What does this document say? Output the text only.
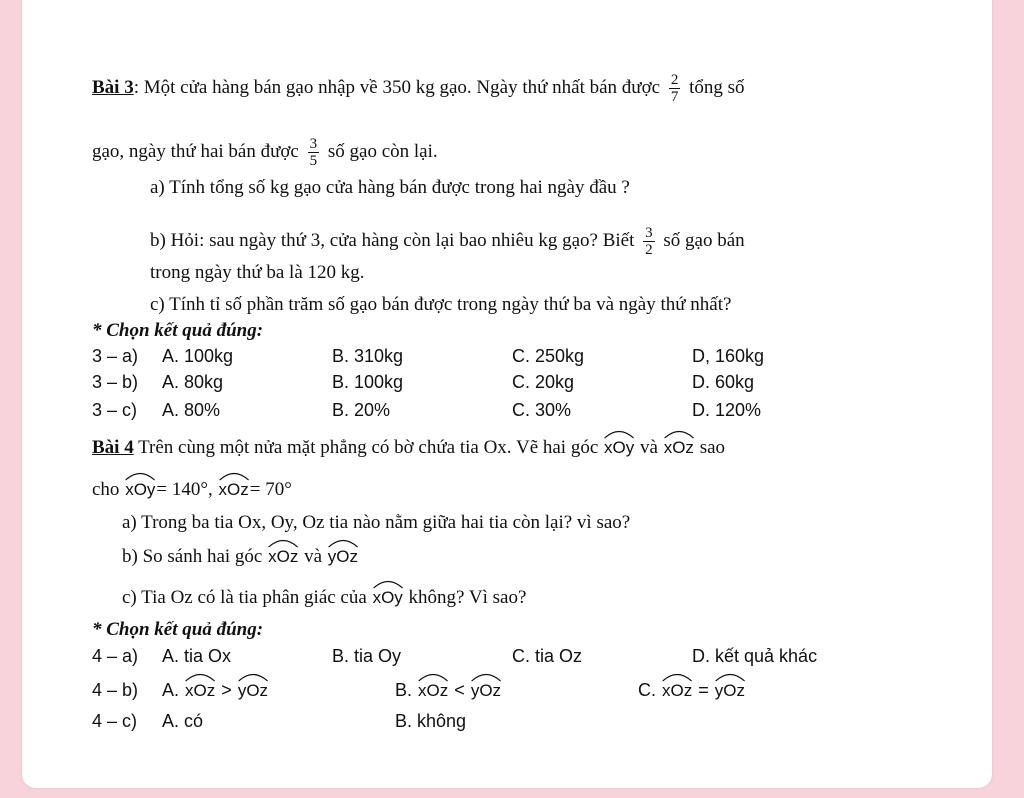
Bài 3: Một cửa hàng bán gạo nhập về 350 kg gạo. Ngày thứ nhất bán được $\frac{2}{7}$ tổng số
gạo, ngày thứ hai bán được $\frac{3}{5}$ số gạo còn lại.
a) Tính tổng số kg gạo cửa hàng bán được trong hai ngày đầu ?
b) Hỏi: sau ngày thứ 3, cửa hàng còn lại bao nhiêu kg gạo? Biết $\frac{3}{2}$ số gạo bán
trong ngày thứ ba là 120 kg.
c) Tính tỉ số phần trăm số gạo bán được trong ngày thứ ba và ngày thứ nhất?
* Chọn kết quả đúng:
3 – a) A. 100kg	B. 310kg	C. 250kg	D, 160kg
3 – b) A. 80kg	B. 100kg	C. 20kg	D. 60kg
3 – c) A. 80%	B. 20%	C. 30%	D. 120%
Bài 4 Trên cùng một nửa mặt phẳng có bờ chứa tia Ox. Vẽ hai góc xOy và xOz sao
cho xOy= 140°, xOz= 70°
a) Trong ba tia Ox, Oy, Oz tia nào nằm giữa hai tia còn lại? vì sao?
b) So sánh hai góc xOz và yOz
c) Tia Oz có là tia phân giác của xOy không? Vì sao?
* Chọn kết quả đúng:
4 – a) A. tia Ox	B. tia Oy	C. tia Oz	D. kết quả khác
4 – b) A. xOz > yOz	B. xOz < yOz	C. xOz = yOz
4 – c) A. có	B. không
